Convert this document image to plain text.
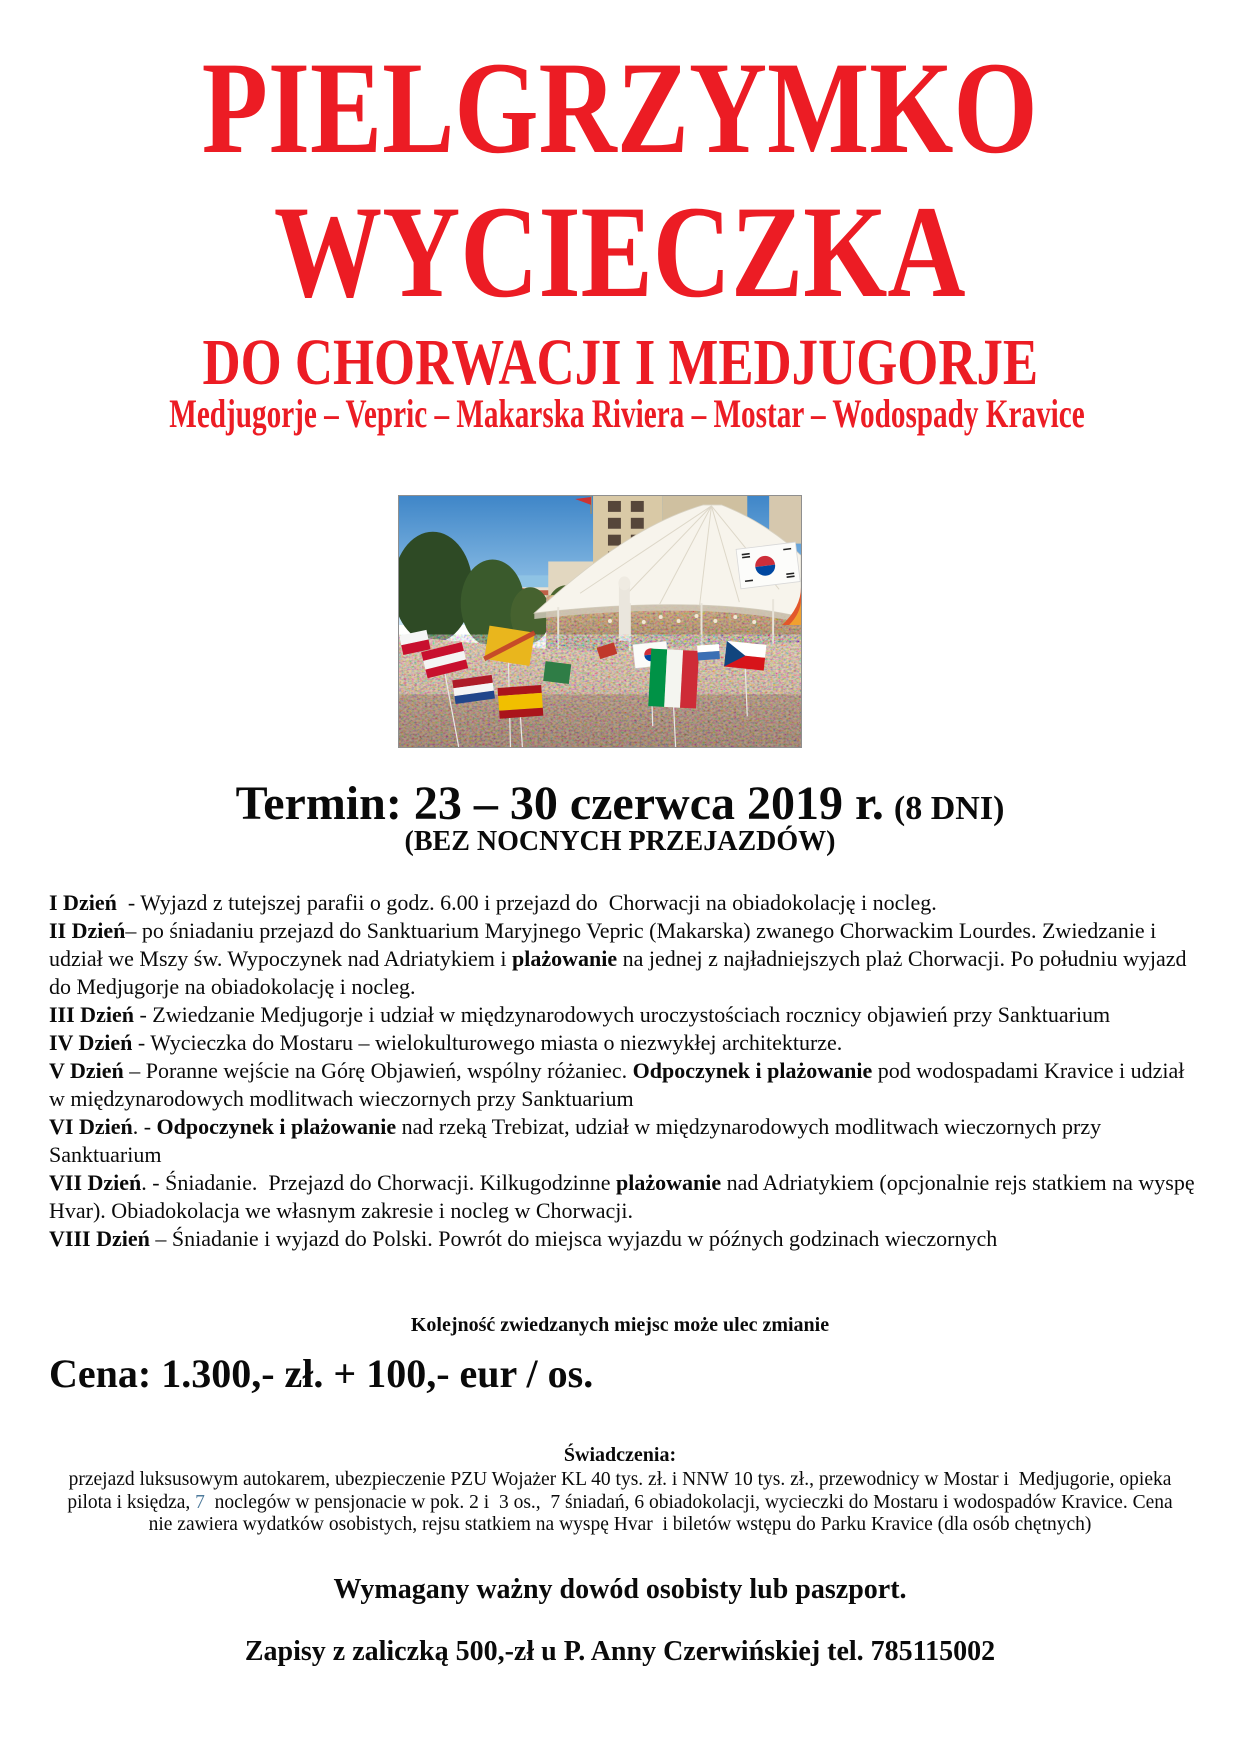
PIELGRZYMKO
WYCIECZKA
DO CHORWACJI I MEDJUGORJE
Medjugorje – Vepric – Makarska Riviera – Mostar – Wodospady Kravice
Termin: 23 – 30 czerwca 2019 r. (8 DNI)
(BEZ NOCNYCH PRZEJAZDÓW)
I Dzień  - Wyjazd z tutejszej parafii o godz. 6.00 i przejazd do  Chorwacji na obiadokolację i nocleg.
II Dzień– po śniadaniu przejazd do Sanktuarium Maryjnego Vepric (Makarska) zwanego Chorwackim Lourdes. Zwiedzanie i udział we Mszy św. Wypoczynek nad Adriatykiem i plażowanie na jednej z najładniejszych plaż Chorwacji. Po południu wyjazd do Medjugorje na obiadokolację i nocleg.
III Dzień - Zwiedzanie Medjugorje i udział w międzynarodowych uroczystościach rocznicy objawień przy Sanktuarium
IV Dzień - Wycieczka do Mostaru – wielokulturowego miasta o niezwykłej architekturze.
V Dzień – Poranne wejście na Górę Objawień, wspólny różaniec. Odpoczynek i plażowanie pod wodospadami Kravice i udział w międzynarodowych modlitwach wieczornych przy Sanktuarium
VI Dzień. - Odpoczynek i plażowanie nad rzeką Trebizat, udział w międzynarodowych modlitwach wieczornych przy Sanktuarium
VII Dzień. - Śniadanie.  Przejazd do Chorwacji. Kilkugodzinne plażowanie nad Adriatykiem (opcjonalnie rejs statkiem na wyspę Hvar). Obiadokolacja we własnym zakresie i nocleg w Chorwacji.
VIII Dzień – Śniadanie i wyjazd do Polski. Powrót do miejsca wyjazdu w późnych godzinach wieczornych
Kolejność zwiedzanych miejsc może ulec zmianie
Cena: 1.300,- zł. + 100,- eur / os.
Świadczenia:
przejazd luksusowym autokarem, ubezpieczenie PZU Wojażer KL 40 tys. zł. i NNW 10 tys. zł., przewodnicy w Mostar i  Medjugorie, opieka pilota i księdza, 7  noclegów w pensjonacie w pok. 2 i  3 os.,  7 śniadań, 6 obiadokolacji, wycieczki do Mostaru i wodospadów Kravice. Cena nie zawiera wydatków osobistych, rejsu statkiem na wyspę Hvar  i biletów wstępu do Parku Kravice (dla osób chętnych)
Wymagany ważny dowód osobisty lub paszport.
Zapisy z zaliczką 500,-zł u P. Anny Czerwińskiej tel. 785115002
